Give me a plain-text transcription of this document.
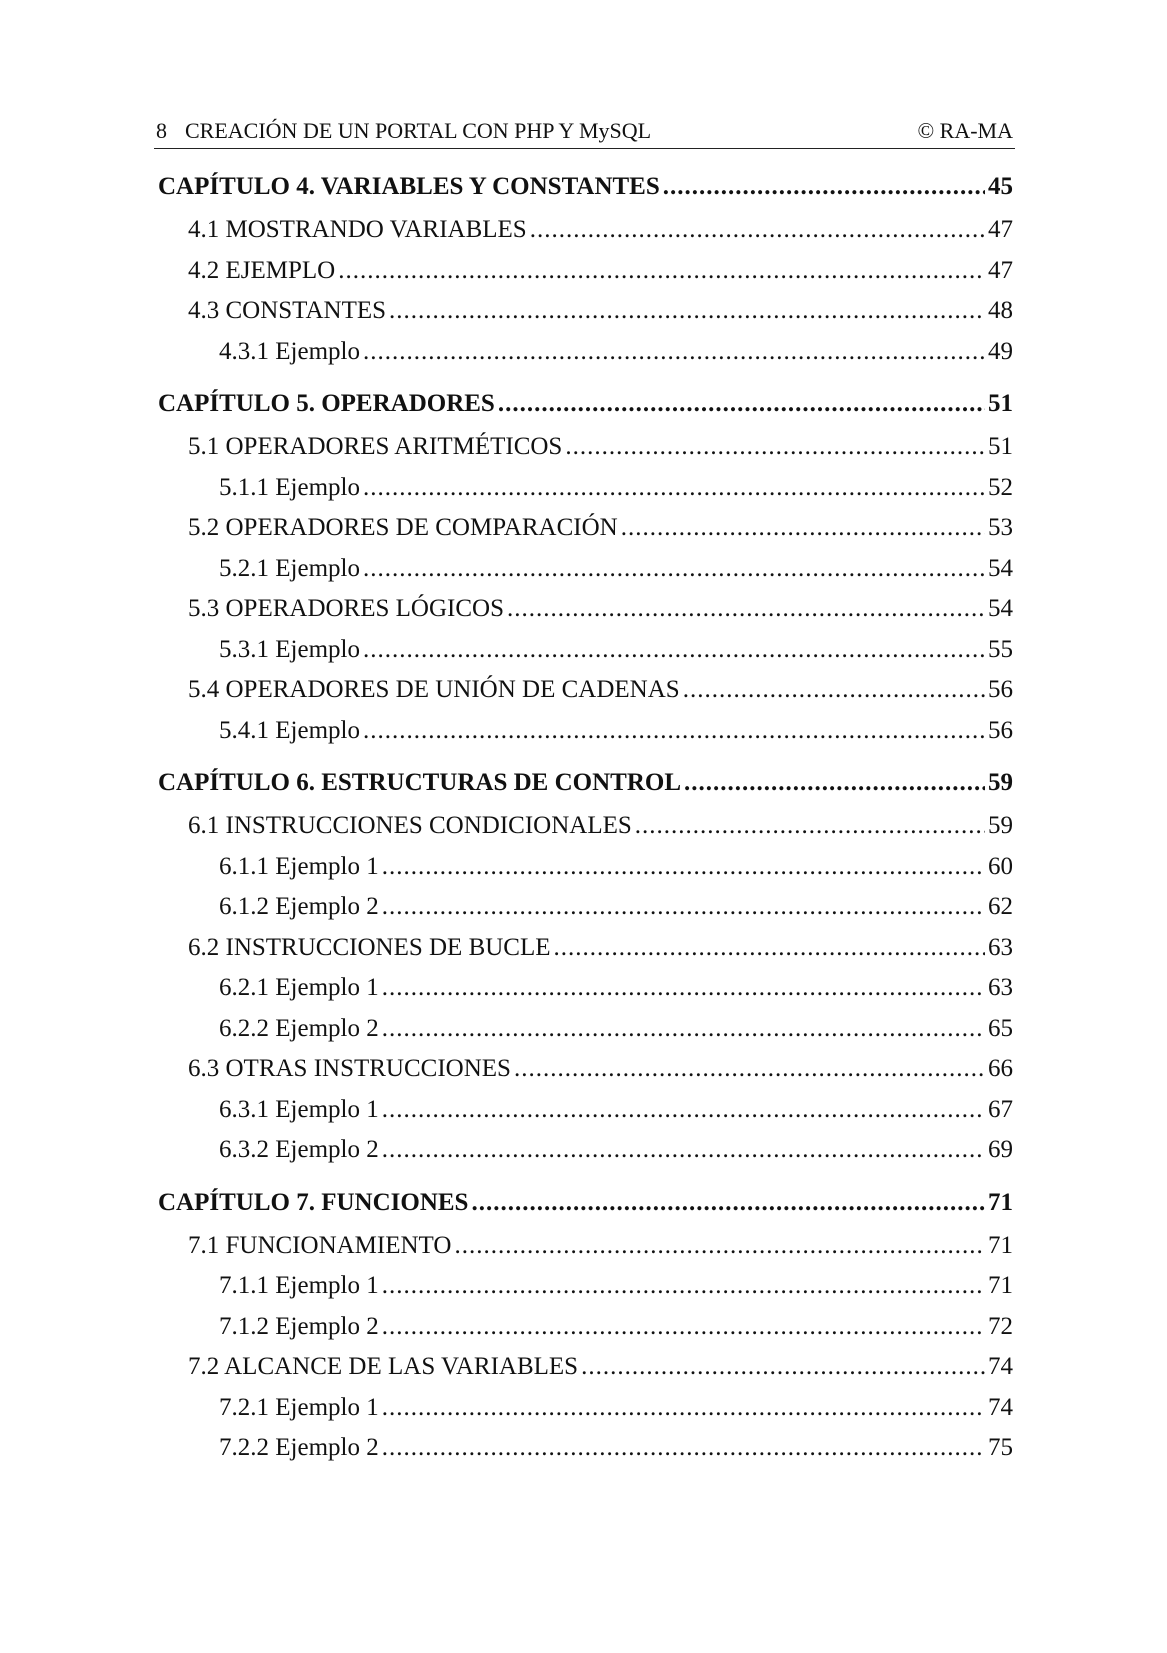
8 CREACIÓN DE UN PORTAL CON PHP Y MySQL	© RA-MA
CAPÍTULO 4. VARIABLES Y CONSTANTES .....	45
4.1 MOSTRANDO VARIABLES .....	47
4.2 EJEMPLO .....	47
4.3 CONSTANTES .....	48
4.3.1 Ejemplo .....	49
CAPÍTULO 5. OPERADORES .....	51
5.1 OPERADORES ARITMÉTICOS .....	51
5.1.1 Ejemplo .....	52
5.2 OPERADORES DE COMPARACIÓN .....	53
5.2.1 Ejemplo .....	54
5.3 OPERADORES LÓGICOS .....	54
5.3.1 Ejemplo .....	55
5.4 OPERADORES DE UNIÓN DE CADENAS .....	56
5.4.1 Ejemplo .....	56
CAPÍTULO 6. ESTRUCTURAS DE CONTROL .....	59
6.1 INSTRUCCIONES CONDICIONALES .....	59
6.1.1 Ejemplo 1 .....	60
6.1.2 Ejemplo 2 .....	62
6.2 INSTRUCCIONES DE BUCLE .....	63
6.2.1 Ejemplo 1 .....	63
6.2.2 Ejemplo 2 .....	65
6.3 OTRAS INSTRUCCIONES .....	66
6.3.1 Ejemplo 1 .....	67
6.3.2 Ejemplo 2 .....	69
CAPÍTULO 7. FUNCIONES .....	71
7.1 FUNCIONAMIENTO .....	71
7.1.1 Ejemplo 1 .....	71
7.1.2 Ejemplo 2 .....	72
7.2 ALCANCE DE LAS VARIABLES .....	74
7.2.1 Ejemplo 1 .....	74
7.2.2 Ejemplo 2 .....	75
